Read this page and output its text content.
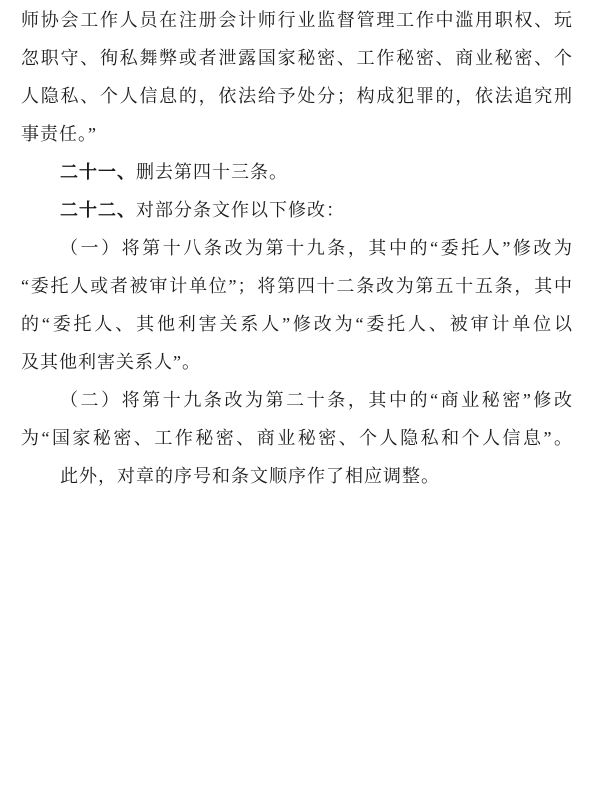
师协会工作人员在注册会计师行业监督管理工作中滥用职权、玩
忽职守、徇私舞弊或者泄露国家秘密、工作秘密、商业秘密、个
人隐私、个人信息的，依法给予处分；构成犯罪的，依法追究刑
事责任。”
二十一、删去第四十三条。
二十二、对部分条文作以下修改：
（一）将第十八条改为第十九条，其中的“委托人”修改为
“委托人或者被审计单位”；将第四十二条改为第五十五条，其中
的“委托人、其他利害关系人”修改为“委托人、被审计单位以
及其他利害关系人”。
（二）将第十九条改为第二十条，其中的“商业秘密”修改
为“国家秘密、工作秘密、商业秘密、个人隐私和个人信息”。
此外，对章的序号和条文顺序作了相应调整。
